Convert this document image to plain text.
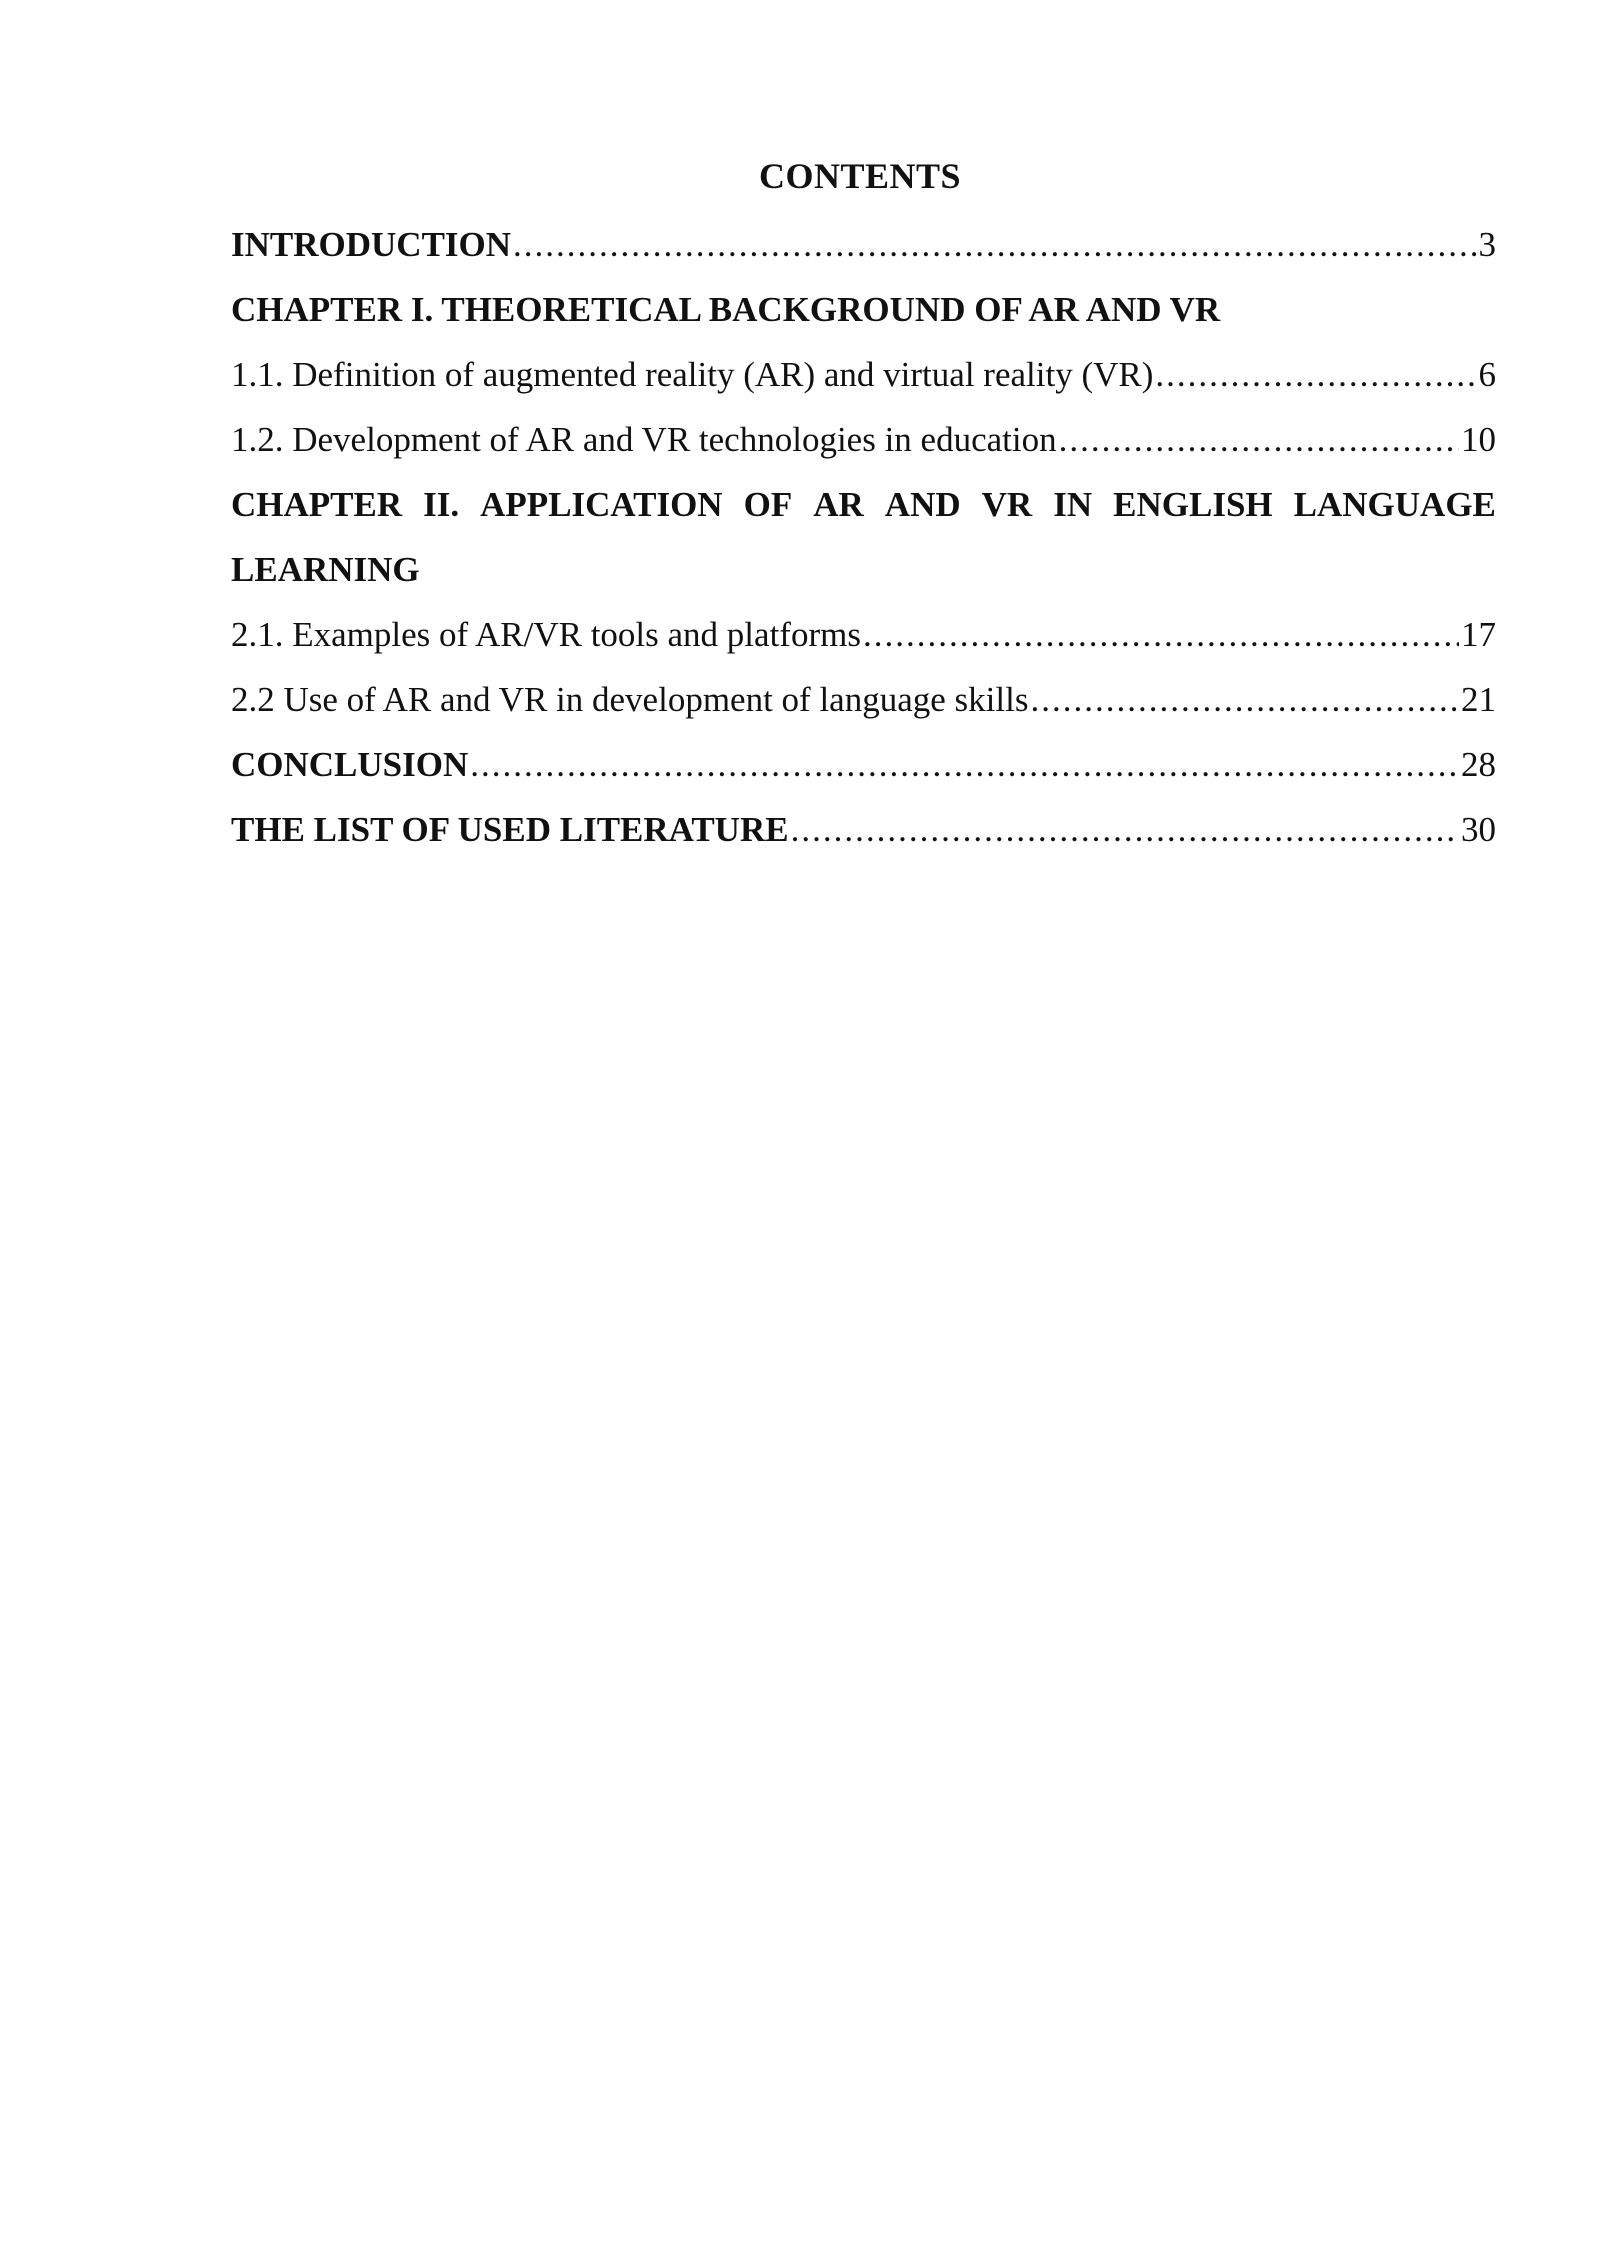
CONTENTS
INTRODUCTION .....	3
CHAPTER I. THEORETICAL BACKGROUND OF AR AND VR
1.1. Definition of augmented reality (AR) and virtual reality (VR) .....	6
1.2. Development of AR and VR technologies in education .....	10
CHAPTER II. APPLICATION OF AR AND VR IN ENGLISH LANGUAGE
LEARNING
2.1. Examples of AR/VR tools and platforms .....	17
2.2 Use of AR and VR in development of language skills .....	21
CONCLUSION .....	28
THE LIST OF USED LITERATURE .....	30
